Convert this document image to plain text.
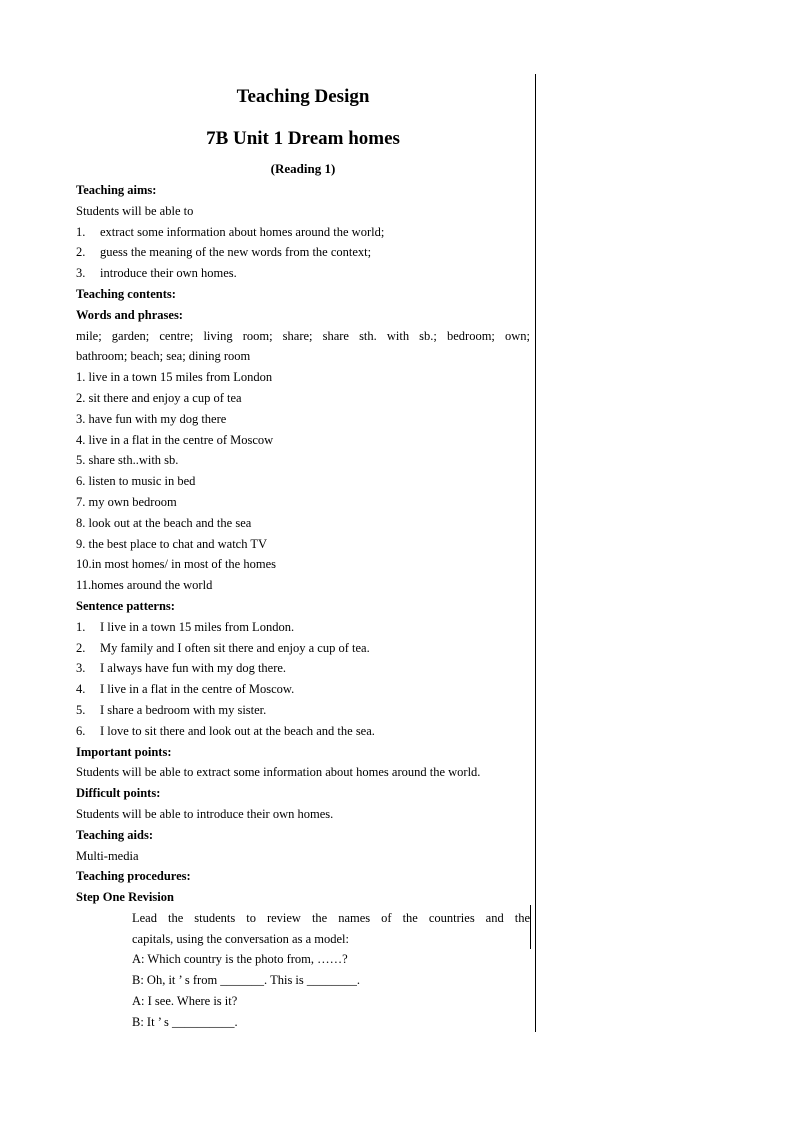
Teaching Design
7B Unit 1 Dream homes
(Reading 1)
Teaching aims:
Students will be able to
1. extract some information about homes around the world;
2. guess the meaning of the new words from the context;
3. introduce their own homes.
Teaching contents:
Words and phrases:
mile; garden; centre; living room; share; share sth. with sb.; bedroom; own;
bathroom; beach; sea; dining room
1. live in a town 15 miles from London
2. sit there and enjoy a cup of tea
3. have fun with my dog there
4. live in a flat in the centre of Moscow
5. share sth..with sb.
6. listen to music in bed
7. my own bedroom
8. look out at the beach and the sea
9. the best place to chat and watch TV
10.in most homes/ in most of the homes
11.homes around the world
Sentence patterns:
1. I live in a town 15 miles from London.
2. My family and I often sit there and enjoy a cup of tea.
3. I always have fun with my dog there.
4. I live in a flat in the centre of Moscow.
5. I share a bedroom with my sister.
6. I love to sit there and look out at the beach and the sea.
Important points:
Students will be able to extract some information about homes around the world.
Difficult points:
Students will be able to introduce their own homes.
Teaching aids:
Multi-media
Teaching procedures:
Step One Revision
Lead the students to review the names of the countries and the
capitals, using the conversation as a model:
A: Which country is the photo from, ……?
B: Oh, it ’ s from _______. This is ________.
A: I see. Where is it?
B: It ’ s __________.
